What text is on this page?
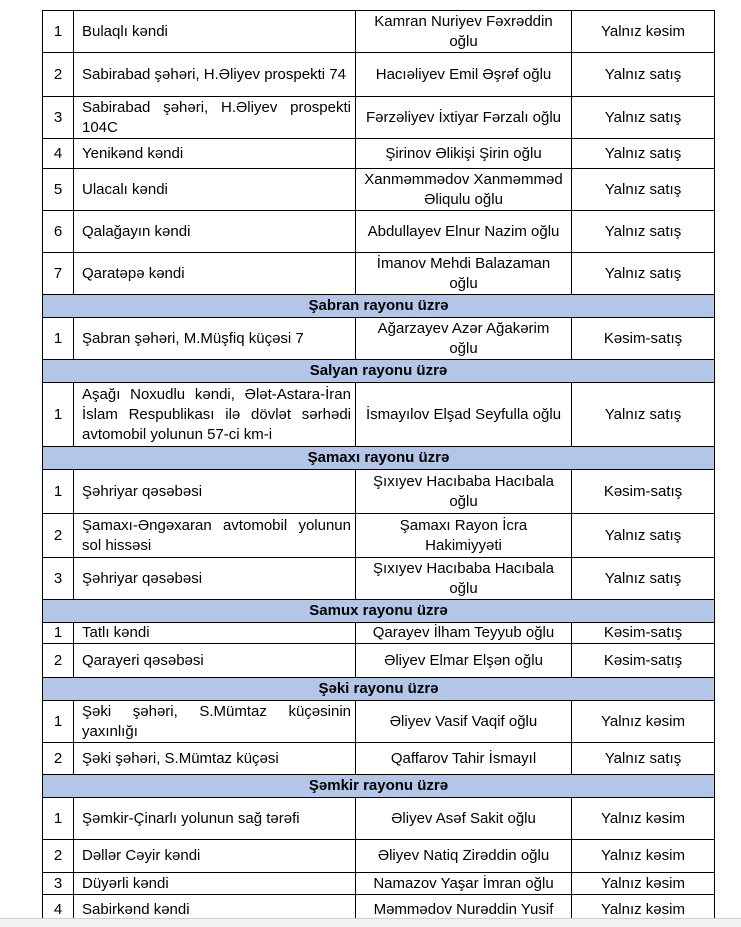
1	Bulaqlı kəndi	Kamran Nuriyev Fəxrəddin oğlu	Yalnız kəsim
2	Sabirabad şəhəri, H.Əliyev prospekti 74	Hacıəliyev Emil Əşrəf oğlu	Yalnız satış
3	Sabirabad şəhəri, H.Əliyev prospekti 104C	Fərzəliyev İxtiyar Fərzalı oğlu	Yalnız satış
4	Yenikənd kəndi	Şirinov Əlikişi Şirin oğlu	Yalnız satış
5	Ulacalı kəndi	Xanməmmədov Xanməmməd Əliqulu oğlu	Yalnız satış
6	Qalağayın kəndi	Abdullayev Elnur Nazim oğlu	Yalnız satış
7	Qaratəpə kəndi	İmanov Mehdi Balazaman oğlu	Yalnız satış
Şabran rayonu üzrə			
1	Şabran şəhəri, M.Müşfiq küçəsi 7	Ağarzayev Azər Ağakərim oğlu	Kəsim-satış
Salyan rayonu üzrə			
1	Aşağı Noxudlu kəndi, Ələt-Astara-İran İslam Respublikası ilə dövlət sərhədi avtomobil yolunun 57-ci km-i	İsmayılov Elşad Seyfulla oğlu	Yalnız satış
Şamaxı rayonu üzrə			
1	Şəhriyar qəsəbəsi	Şıxıyev Hacıbaba Hacıbala oğlu	Kəsim-satış
2	Şamaxı-Əngəxaran avtomobil yolunun sol hissəsi	Şamaxı Rayon İcra Hakimiyyəti	Yalnız satış
3	Şəhriyar qəsəbəsi	Şıxıyev Hacıbaba Hacıbala oğlu	Yalnız satış
Samux rayonu üzrə			
1	Tatlı kəndi	Qarayev İlham Teyyub oğlu	Kəsim-satış
2	Qarayeri qəsəbəsi	Əliyev Elmar Elşən oğlu	Kəsim-satış
Şəki rayonu üzrə			
1	Şəki şəhəri, S.Mümtaz küçəsinin yaxınlığı	Əliyev Vasif Vaqif oğlu	Yalnız kəsim
2	Şəki şəhəri, S.Mümtaz küçəsi	Qaffarov Tahir İsmayıl	Yalnız satış
Şəmkir rayonu üzrə			
1	Şəmkir-Çinarlı yolunun sağ tərəfi	Əliyev Asəf Sakit oğlu	Yalnız kəsim
2	Dəllər Cəyir kəndi	Əliyev Natiq Zirəddin oğlu	Yalnız kəsim
3	Düyərli kəndi	Namazov Yaşar İmran oğlu	Yalnız kəsim
4	Sabirkənd kəndi	Məmmədov Nurəddin Yusif	Yalnız kəsim
